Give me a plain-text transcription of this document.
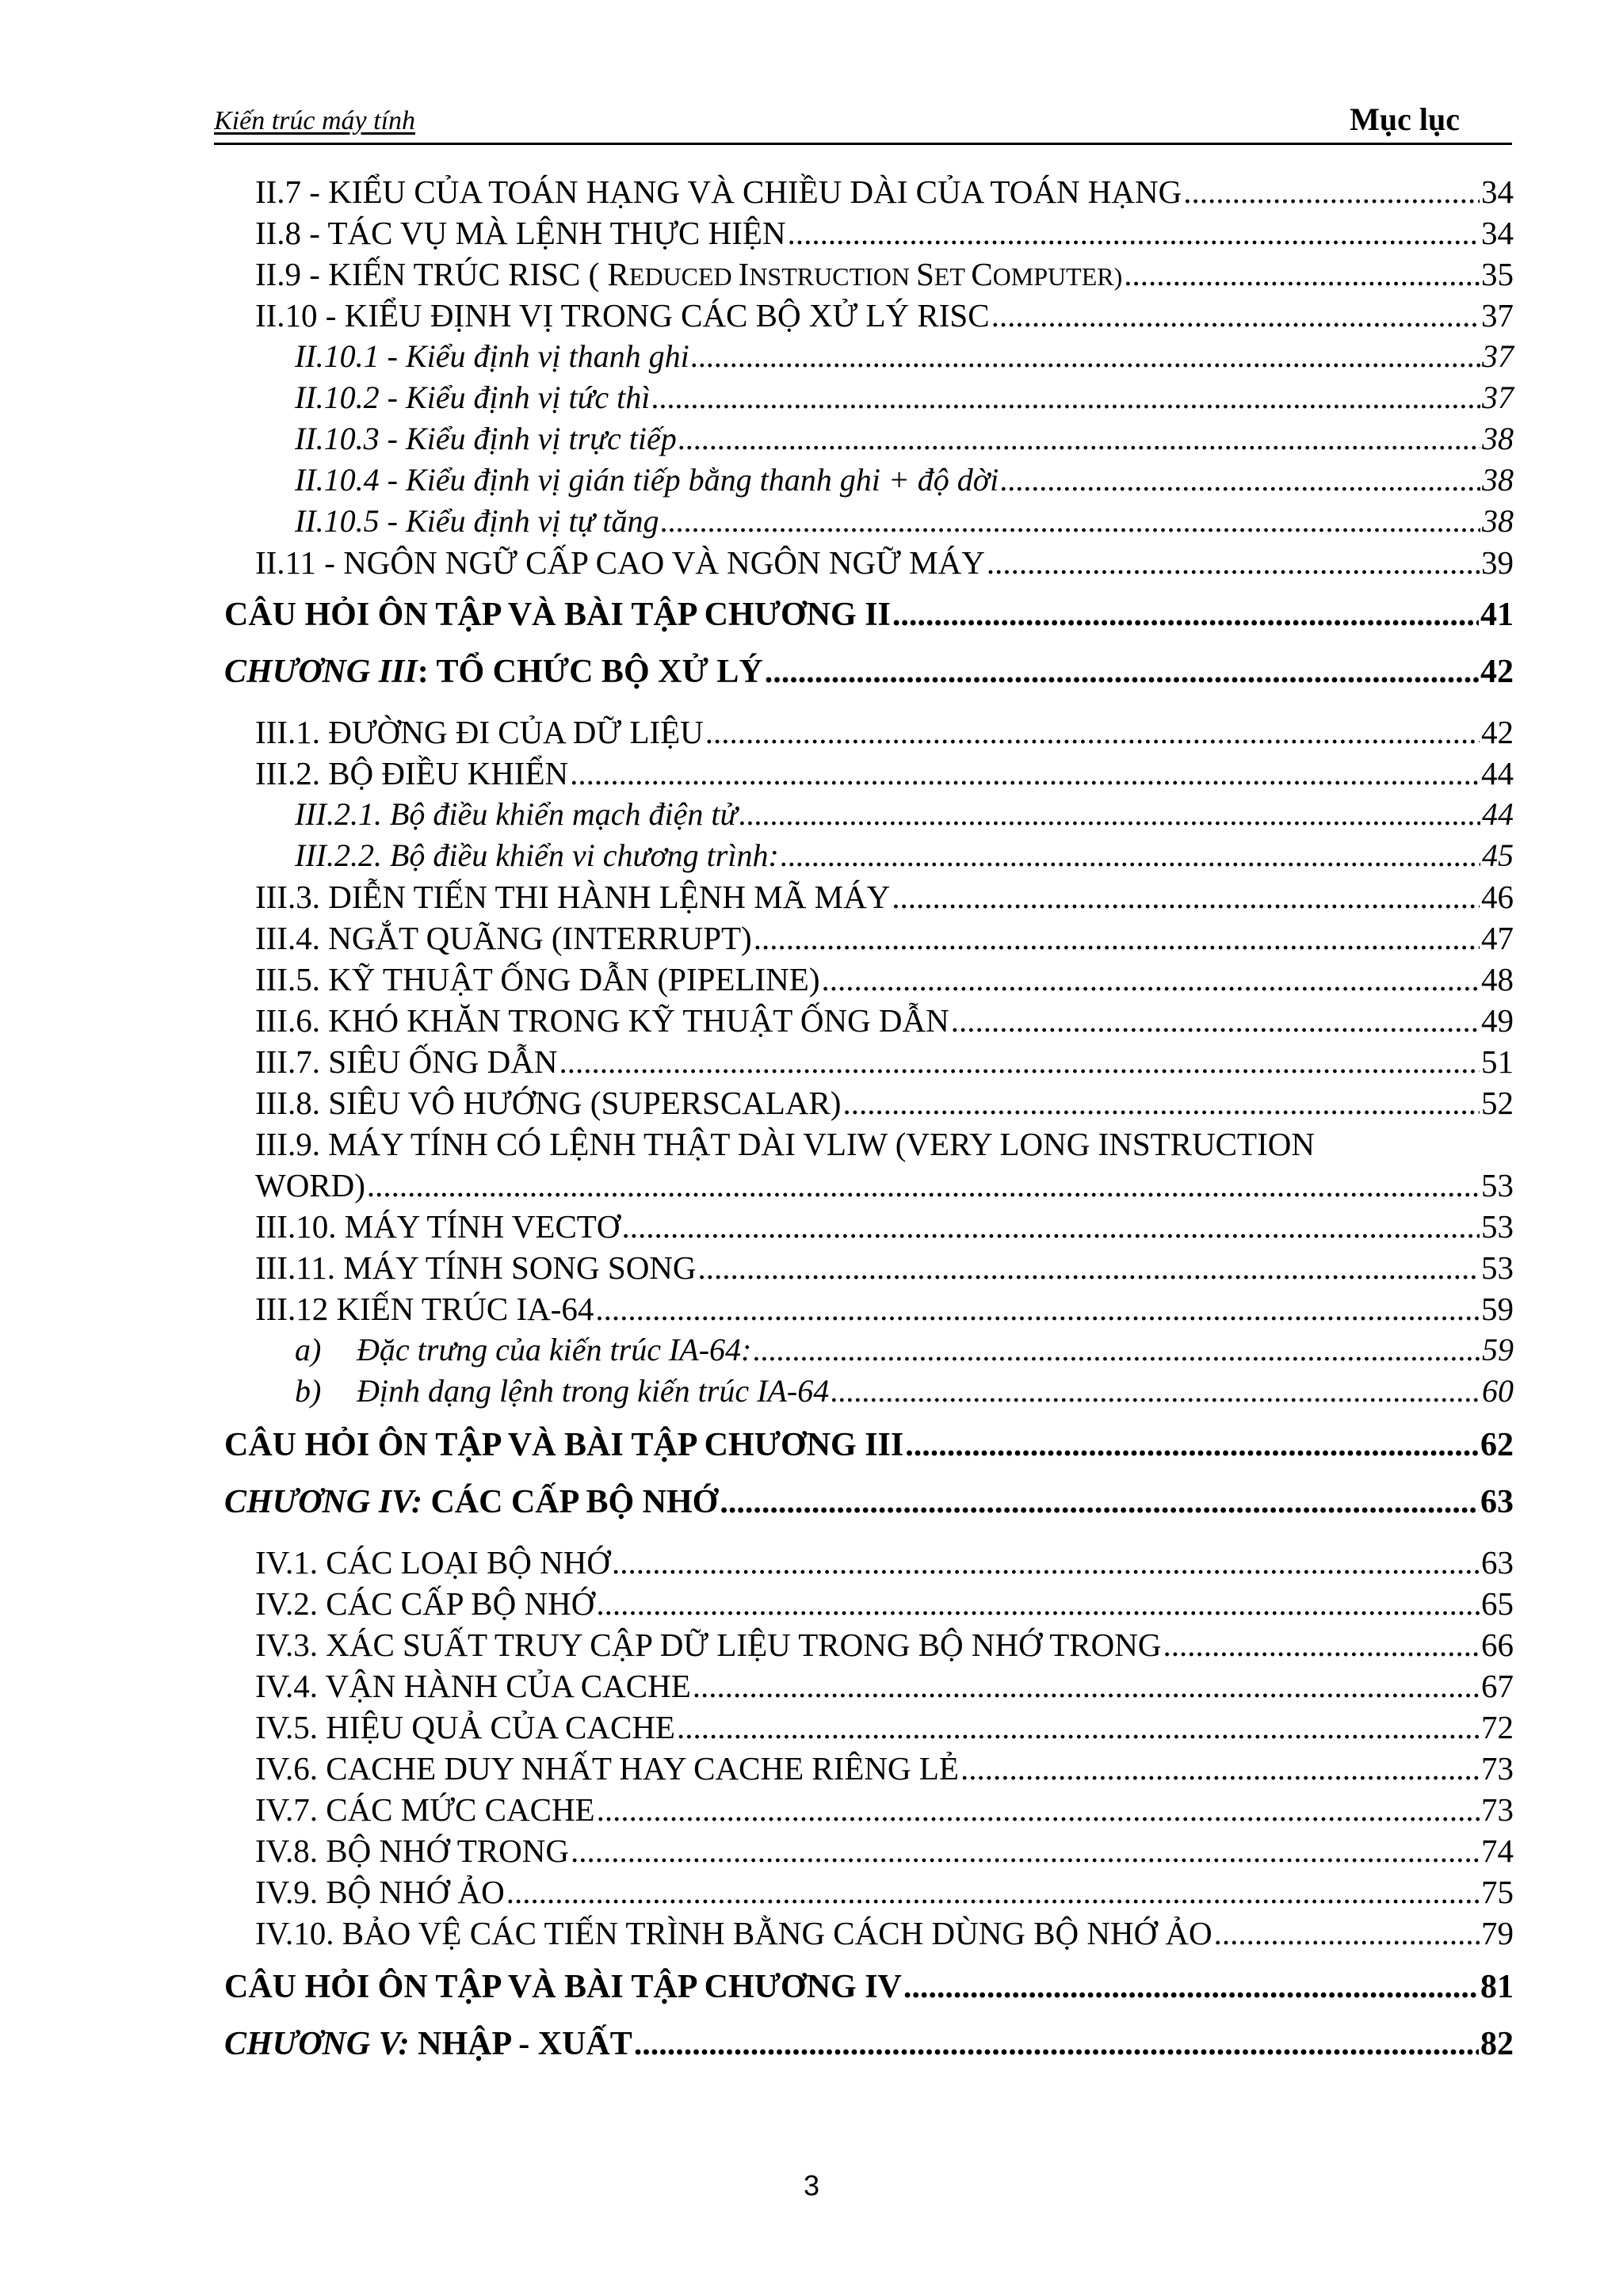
Kiến trúc máy tính	Mục lục
II.7 - KIỂU CỦA TOÁN HẠNG VÀ CHIỀU DÀI CỦA TOÁN HẠNG .....	34
II.8 - TÁC VỤ MÀ LỆNH THỰC HIỆN .....	34
II.9 - KIẾN TRÚC RISC ( REDUCED INSTRUCTION SET COMPUTER) .....	35
II.10 - KIỂU ĐỊNH VỊ TRONG CÁC BỘ XỬ LÝ RISC .....	37
II.10.1 - Kiểu định vị thanh ghi .....	37
II.10.2 - Kiểu định vị tức thì .....	37
II.10.3 - Kiểu định vị trực tiếp .....	38
II.10.4 - Kiểu định vị gián tiếp bằng thanh ghi + độ dời .....	38
II.10.5 - Kiểu định vị tự tăng .....	38
II.11 - NGÔN NGỮ CẤP CAO VÀ NGÔN NGỮ MÁY .....	39
CÂU HỎI ÔN TẬP VÀ BÀI TẬP CHƯƠNG II .....	41
CHƯƠNG III: TỔ CHỨC BỘ XỬ LÝ .....	42
III.1. ĐƯỜNG ĐI CỦA DỮ LIỆU .....	42
III.2. BỘ ĐIỀU KHIỂN .....	44
III.2.1. Bộ điều khiển mạch điện tử .....	44
III.2.2. Bộ điều khiển vi chương trình: .....	45
III.3. DIỄN TIẾN THI HÀNH LỆNH MÃ MÁY .....	46
III.4. NGẮT QUÃNG (INTERRUPT) .....	47
III.5. KỸ THUẬT ỐNG DẪN (PIPELINE) .....	48
III.6. KHÓ KHĂN TRONG KỸ THUẬT ỐNG DẪN .....	49
III.7. SIÊU ỐNG DẪN .....	51
III.8. SIÊU VÔ HƯỚNG (SUPERSCALAR) .....	52
III.9. MÁY TÍNH CÓ LỆNH THẬT DÀI VLIW (VERY LONG INSTRUCTION
WORD) .....	53
III.10. MÁY TÍNH VECTƠ .....	53
III.11. MÁY TÍNH SONG SONG .....	53
III.12 KIẾN TRÚC IA-64 .....	59
a) Đặc trưng của kiến trúc IA-64: .....	59
b) Định dạng lệnh trong kiến trúc IA-64 .....	60
CÂU HỎI ÔN TẬP VÀ BÀI TẬP CHƯƠNG III .....	62
CHƯƠNG IV: CÁC CẤP BỘ NHỚ .....	63
IV.1. CÁC LOẠI BỘ NHỚ .....	63
IV.2. CÁC CẤP BỘ NHỚ .....	65
IV.3. XÁC SUẤT TRUY CẬP DỮ LIỆU TRONG BỘ NHỚ TRONG .....	66
IV.4. VẬN HÀNH CỦA CACHE .....	67
IV.5. HIỆU QUẢ CỦA CACHE .....	72
IV.6. CACHE DUY NHẤT HAY CACHE RIÊNG LẺ .....	73
IV.7. CÁC MỨC CACHE .....	73
IV.8. BỘ NHỚ TRONG .....	74
IV.9. BỘ NHỚ ẢO .....	75
IV.10. BẢO VỆ CÁC TIẾN TRÌNH BẰNG CÁCH DÙNG BỘ NHỚ ẢO .....	79
CÂU HỎI ÔN TẬP VÀ BÀI TẬP CHƯƠNG IV .....	81
CHƯƠNG V: NHẬP - XUẤT .....	82
3
